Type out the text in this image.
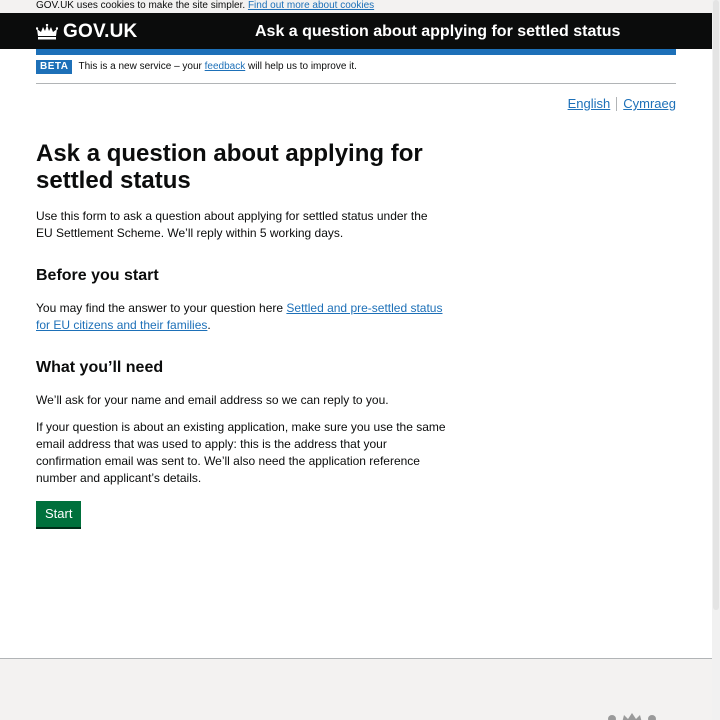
GOV.UK uses cookies to make the site simpler. Find out more about cookies
GOV.UK	Ask a question about applying for settled status
BETA	This is a new service – your feedback will help us to improve it.
English Cymraeg
Ask a question about applying for settled status

Use this form to ask a question about applying for settled status under the EU Settlement Scheme. We’ll reply within 5 working days.

Before you start

You may find the answer to your question here Settled and pre-settled status for EU citizens and their families.

What you’ll need

We’ll ask for your name and email address so we can reply to you.

If your question is about an existing application, make sure you use the same email address that was used to apply: this is the address that your confirmation email was sent to. We’ll also need the application reference number and applicant’s details.

Start
